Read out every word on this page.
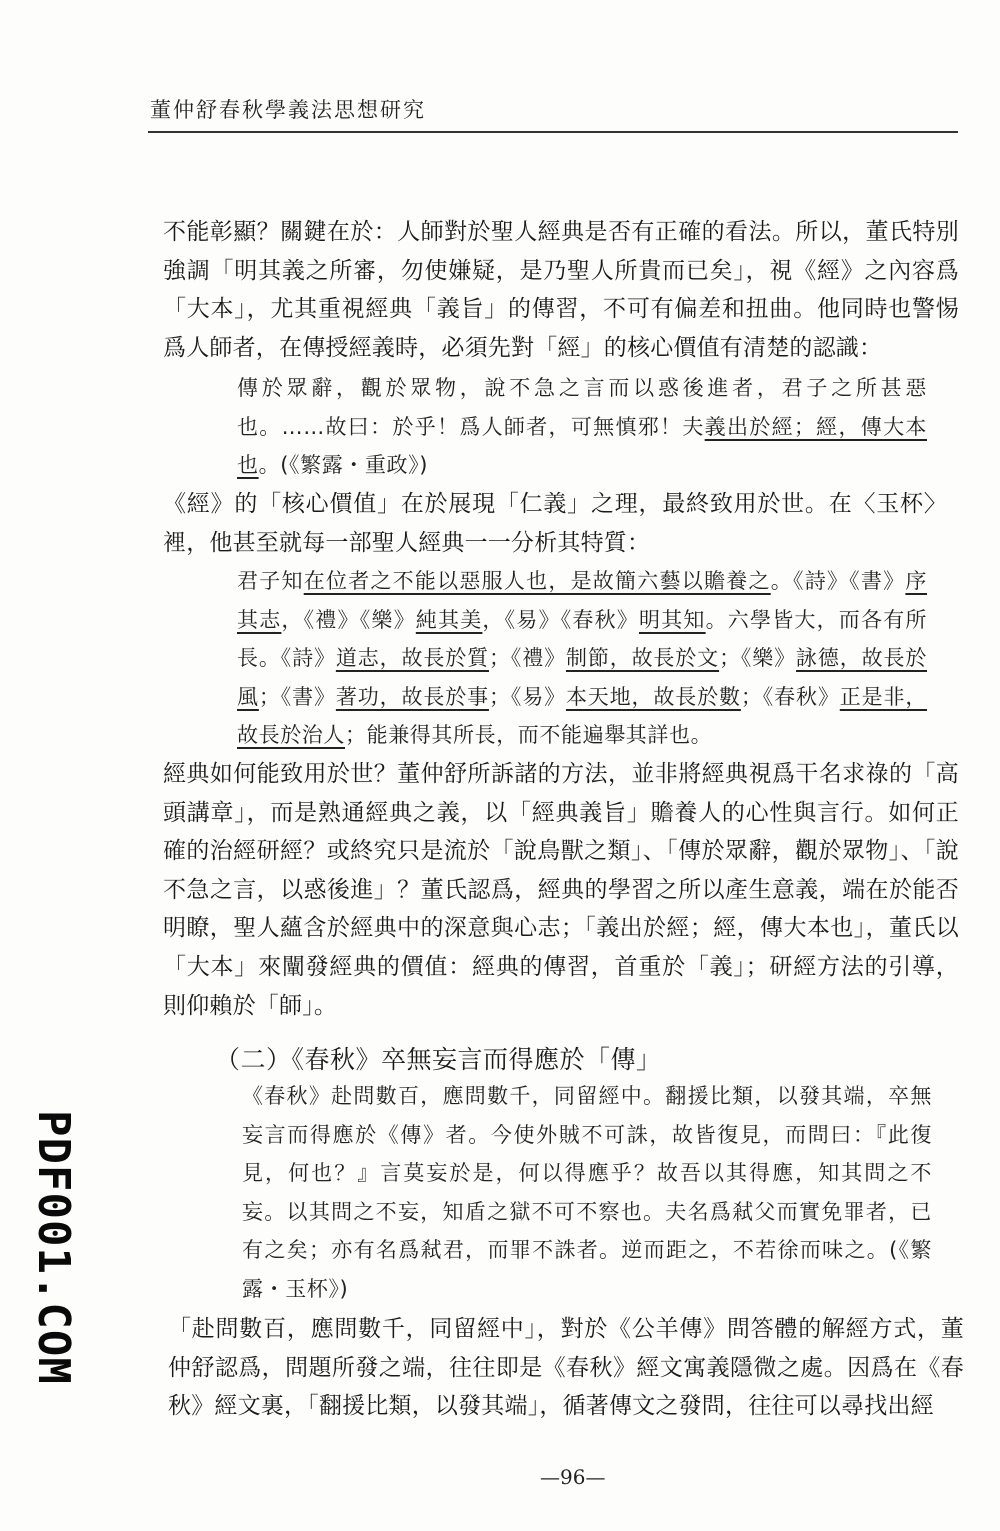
董仲舒春秋學義法思想研究

不能彰顯？關鍵在於：人師對於聖人經典是否有正確的看法。所以，董氏特別強調「明其義之所審，勿使嫌疑，是乃聖人所貴而已矣」，視《經》之內容爲「大本」，尤其重視經典「義旨」的傳習，不可有偏差和扭曲。他同時也警惕爲人師者，在傳授經義時，必須先對「經」的核心價值有清楚的認識：

傳於眾辭，觀於眾物，說不急之言而以惑後進者，君子之所甚惡也。……故曰：於乎！爲人師者，可無慎邪！夫義出於經；經，傳大本也。(《繁露・重政》)

《經》的「核心價值」在於展現「仁義」之理，最終致用於世。在〈玉杯〉裡，他甚至就每一部聖人經典一一分析其特質：

君子知在位者之不能以惡服人也，是故簡六藝以贍養之。《詩》《書》序其志，《禮》《樂》純其美，《易》《春秋》明其知。六學皆大，而各有所長。《詩》道志，故長於質；《禮》制節，故長於文；《樂》詠德，故長於風；《書》著功，故長於事；《易》本天地，故長於數；《春秋》正是非，故長於治人；能兼得其所長，而不能遍舉其詳也。

經典如何能致用於世？董仲舒所訴諸的方法，並非將經典視爲干名求祿的「高頭講章」，而是熟通經典之義，以「經典義旨」贍養人的心性與言行。如何正確的治經研經？或終究只是流於「說鳥獸之類」、「傳於眾辭，觀於眾物」、「說不急之言，以惑後進」？董氏認爲，經典的學習之所以產生意義，端在於能否明瞭，聖人蘊含於經典中的深意與心志；「義出於經；經，傳大本也」，董氏以「大本」來闡發經典的價值：經典的傳習，首重於「義」；研經方法的引導，則仰賴於「師」。

（二）《春秋》卒無妄言而得應於「傳」

《春秋》赴問數百，應問數千，同留經中。翻援比類，以發其端，卒無妄言而得應於《傳》者。今使外賊不可誅，故皆復見，而問曰：『此復見，何也？』言莫妄於是，何以得應乎？故吾以其得應，知其問之不妄。以其問之不妄，知盾之獄不可不察也。夫名爲弒父而實免罪者，已有之矣；亦有名爲弒君，而罪不誅者。逆而距之，不若徐而味之。(《繁露・玉杯》)

「赴問數百，應問數千，同留經中」，對於《公羊傳》問答體的解經方式，董仲舒認爲，問題所發之端，往往即是《春秋》經文寓義隱微之處。因爲在《春秋》經文裏，「翻援比類，以發其端」，循著傳文之發問，往往可以尋找出經

PDF001.COM
—96—
